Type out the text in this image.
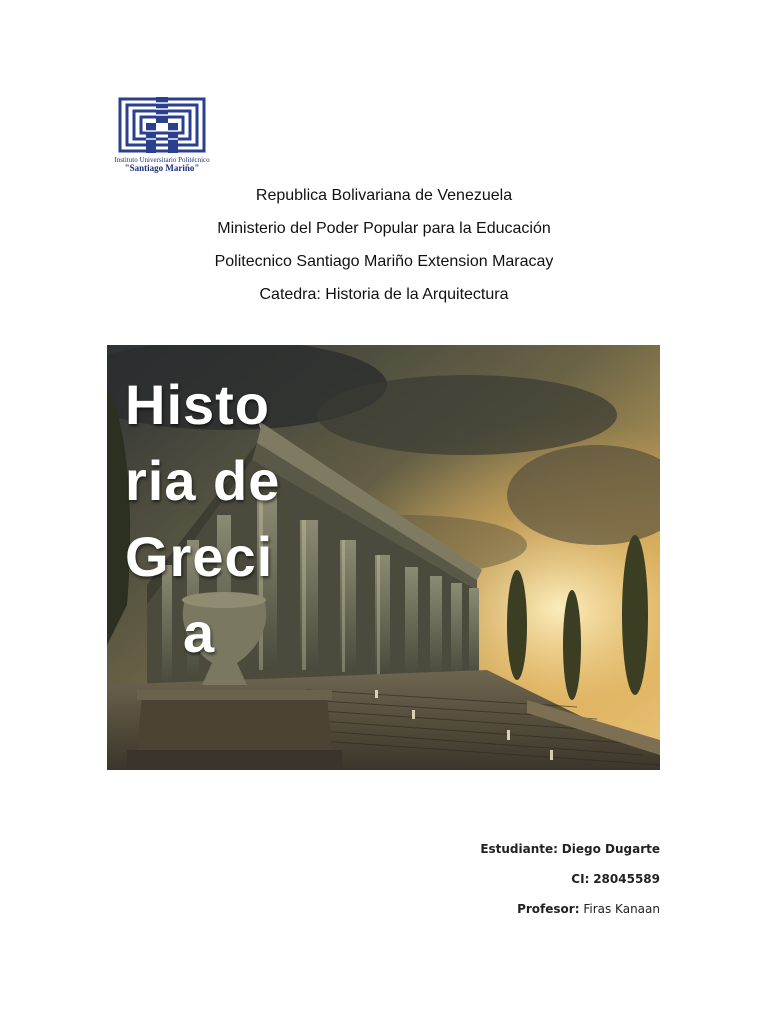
Instituto Universitario Politécnico
"Santiago Mariño"
Republica Bolivariana de Venezuela
Ministerio del Poder Popular para la Educación
Politecnico Santiago Mariño Extension Maracay
Catedra: Historia de la Arquitectura
Histo
ria de
Greci
a
Estudiante: Diego Dugarte
CI: 28045589
Profesor: Firas Kanaan
